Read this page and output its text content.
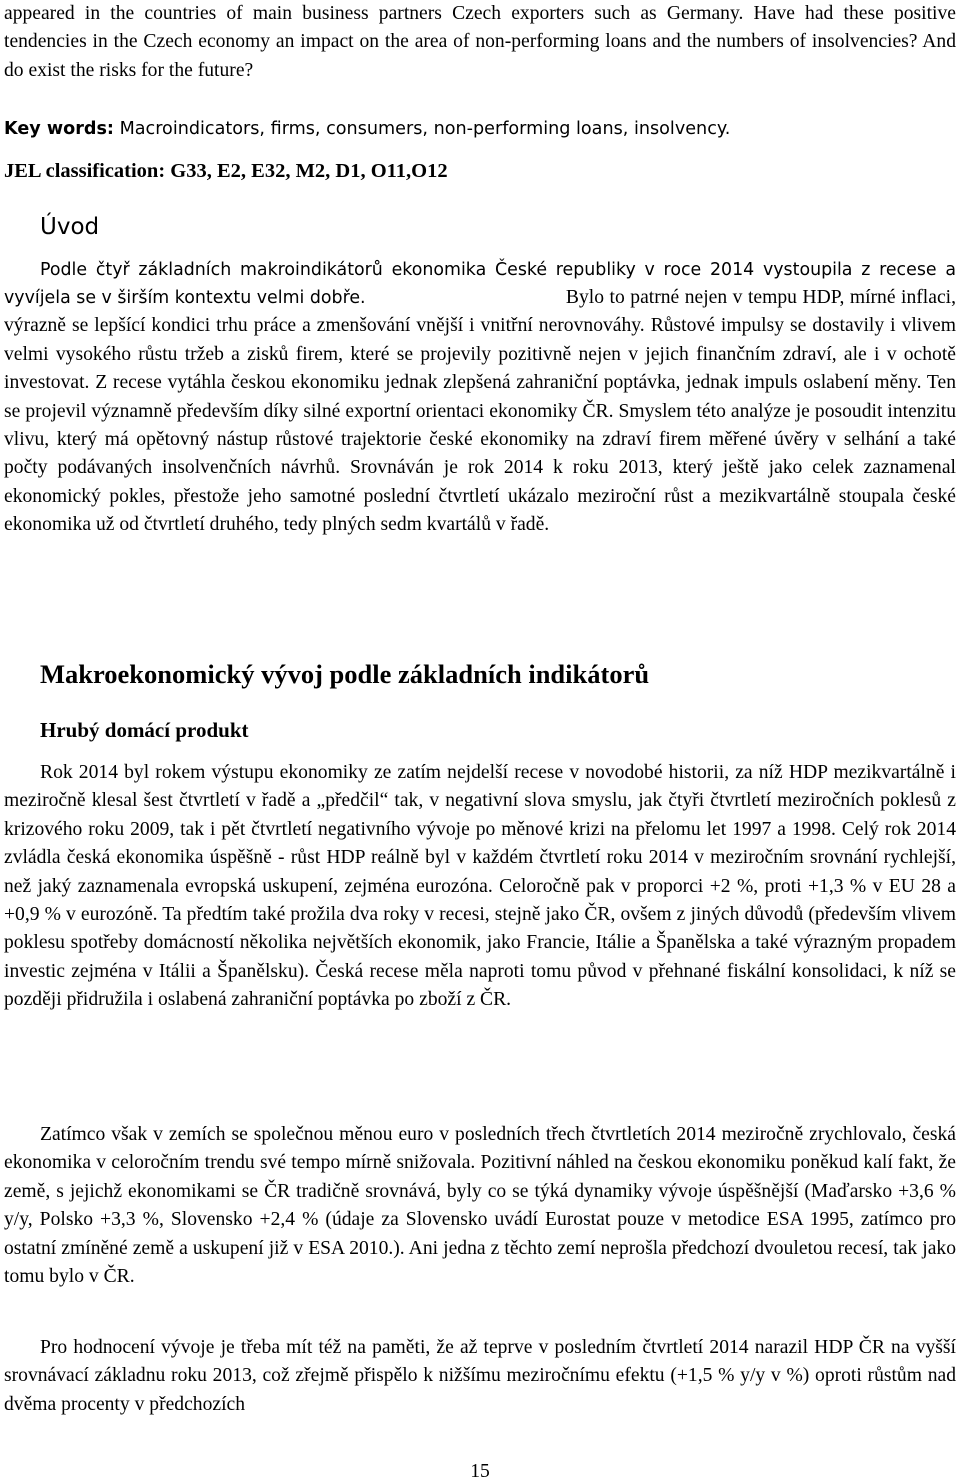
appeared in the countries of main business partners Czech exporters such as Germany. Have had these positive tendencies in the Czech economy an impact on the area of non-performing loans and the numbers of insolvencies? And do exist the risks for the future?

Key words: Macroindicators, firms, consumers, non-performing loans, insolvency.

JEL classification: G33, E2, E32, M2, D1, O11,O12

Úvod

Podle čtyř základních makroindikátorů ekonomika České republiky v roce 2014 vystoupila z recese a vyvíjela se v širším kontextu velmi dobře.	Bylo to patrné nejen v tempu HDP, mírné inflaci, výrazně se lepšící kondici trhu práce a zmenšování vnější i vnitřní nerovnováhy. Růstové impulsy se dostavily i vlivem velmi vysokého růstu tržeb a zisků firem, které se projevily pozitivně nejen v jejich finančním zdraví, ale i v ochotě investovat. Z recese vytáhla českou ekonomiku jednak zlepšená zahraniční poptávka, jednak impuls oslabení měny. Ten se projevil významně především díky silné exportní orientaci ekonomiky ČR. Smyslem této analýze je posoudit intenzitu vlivu, který má opětovný nástup růstové trajektorie české ekonomiky na zdraví firem měřené úvěry v selhání a také počty podávaných insolvenčních návrhů. Srovnáván je rok 2014 k roku 2013, který ještě jako celek zaznamenal ekonomický pokles, přestože jeho samotné poslední čtvrtletí ukázalo meziroční růst a mezikvartálně stoupala české ekonomika už od čtvrtletí druhého, tedy plných sedm kvartálů v řadě.

Makroekonomický vývoj podle základních indikátorů
Hrubý domácí produkt

Rok 2014 byl rokem výstupu ekonomiky ze zatím nejdelší recese v novodobé historii, za níž HDP mezikvartálně i meziročně klesal šest čtvrtletí v řadě a „předčil“ tak, v negativní slova smyslu, jak čtyři čtvrtletí meziročních poklesů z krizového roku 2009, tak i pět čtvrtletí negativního vývoje po měnové krizi na přelomu let 1997 a 1998. Celý rok 2014 zvládla česká ekonomika úspěšně - růst HDP reálně byl v každém čtvrtletí roku 2014 v meziročním srovnání rychlejší, než jaký zaznamenala evropská uskupení, zejména eurozóna. Celoročně pak v proporci +2 %, proti +1,3 % v EU 28 a +0,9 % v eurozóně. Ta předtím také prožila dva roky v recesi, stejně jako ČR, ovšem z jiných důvodů (především vlivem poklesu spotřeby domácností několika největších ekonomik, jako Francie, Itálie a Španělska a také výrazným propadem investic zejména v Itálii a Španělsku). Česká recese měla naproti tomu původ v přehnané fiskální konsolidaci, k níž se později přidružila i oslabená zahraniční poptávka po zboží z ČR.

Zatímco však v zemích se společnou měnou euro v posledních třech čtvrtletích 2014 meziročně zrychlovalo, česká ekonomika v celoročním trendu své tempo mírně snižovala. Pozitivní náhled na českou ekonomiku poněkud kalí fakt, že země, s jejichž ekonomikami se ČR tradičně srovnává, byly co se týká dynamiky vývoje úspěšnější (Maďarsko +3,6 % y/y, Polsko +3,3 %, Slovensko +2,4 % (údaje za Slovensko uvádí Eurostat pouze v metodice ESA 1995, zatímco pro ostatní zmíněné země a uskupení již v ESA 2010.). Ani jedna z těchto zemí neprošla předchozí dvouletou recesí, tak jako tomu bylo v ČR.

Pro hodnocení vývoje je třeba mít též na paměti, že až teprve v posledním čtvrtletí 2014 narazil HDP ČR na vyšší srovnávací základnu roku 2013, což zřejmě přispělo k nižšímu meziročnímu efektu (+1,5 % y/y v %) oproti růstům nad dvěma procenty v předchozích

15
